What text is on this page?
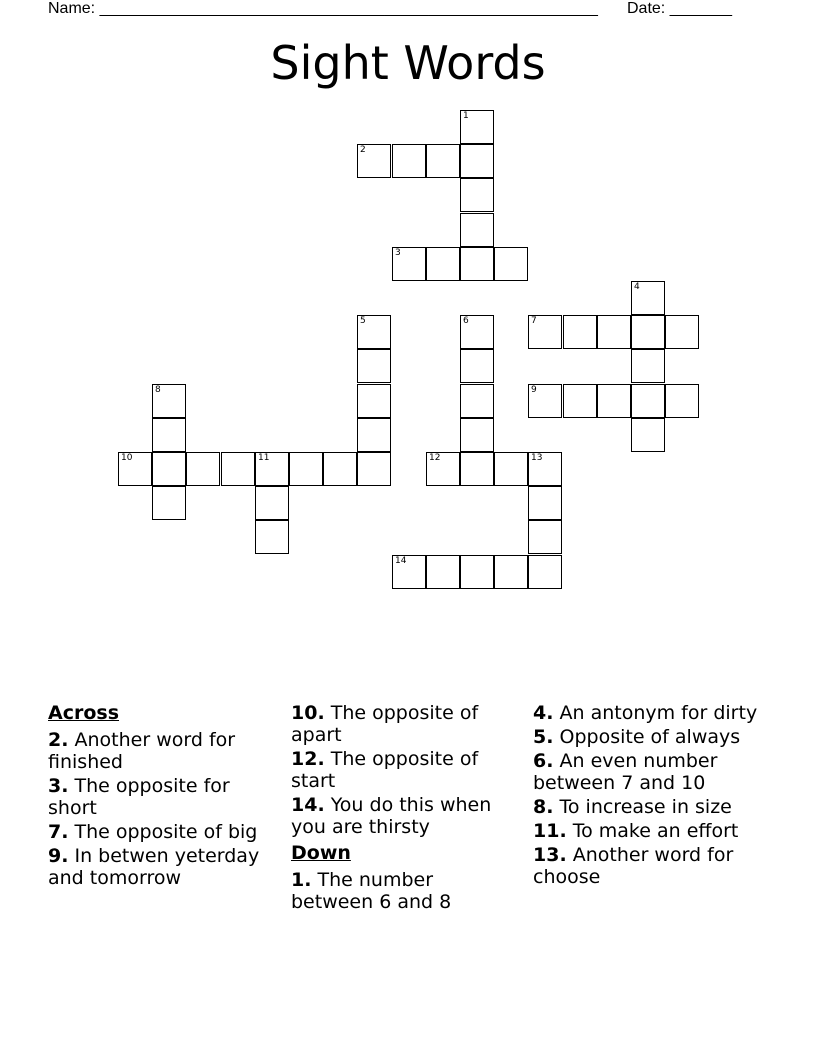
Name: ________________________________________________________ Date: _______
Sight Words
1
2
3
4
5	6	7
8	9
10	11	12	13
14
Across
2. Another word for finished
3. The opposite for short
7. The opposite of big
9. In betwen yeterday and tomorrow
10. The opposite of apart
12. The opposite of start
14. You do this when you are thirsty
Down
1. The number between 6 and 8
4. An antonym for dirty
5. Opposite of always
6. An even number between 7 and 10
8. To increase in size
11. To make an effort
13. Another word for choose
